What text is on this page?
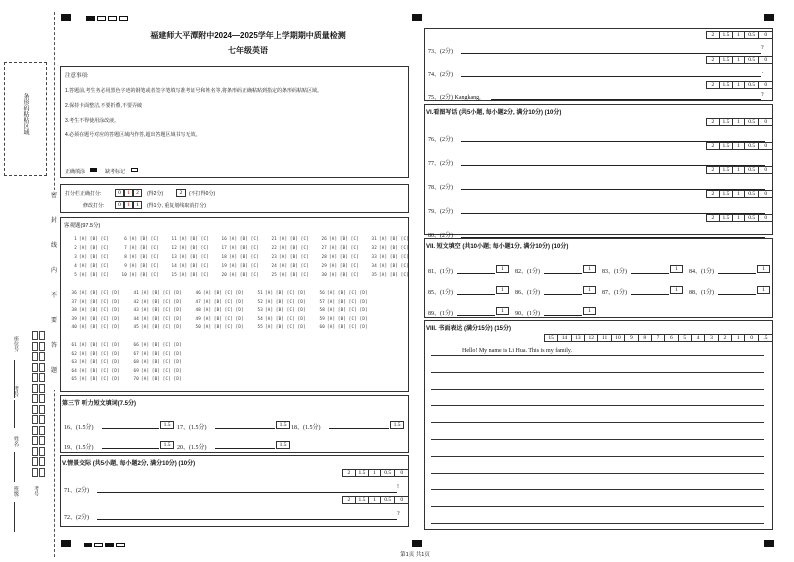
条形码粘贴区域
密
封
线
内
不
要
答
题
座位号:
考号:
姓名:
班级:	考号
福建师大平潭附中2024—2025学年上学期期中质量检测
七年级英语
注意事项:
1.答题前,考生务必用黑色字迹的钢笔或者签字笔填写准考证号和姓名等,将条形码正确粘贴到指定的条形码粘贴区域。
2.保持卡面整洁,不要折叠,不要弄破
3.考生不得使用涂改液。
4.必须在题号对应的答题区域内作答,超出答题区域书写无效。
正确填涂	缺考标记
打分栏正确打分:	0	1	2	(得2分)	2	(不打得0分)
修改打分:	0	1	1	(得1分, 重复划线取消打分)
客观题(97.5分)
1 [A] [B] [C]	6 [A] [B] [C]	11 [A] [B] [C]	16 [A] [B] [C]	21 [A] [B] [C]	26 [A] [B] [C]	31 [A] [B] [C]
2 [A] [B] [C]	7 [A] [B] [C]	12 [A] [B] [C]	17 [A] [B] [C]	22 [A] [B] [C]	27 [A] [B] [C]	32 [A] [B] [C]
3 [A] [B] [C]	8 [A] [B] [C]	13 [A] [B] [C]	18 [A] [B] [C]	23 [A] [B] [C]	28 [A] [B] [C]	33 [A] [B] [C]
4 [A] [B] [C]	9 [A] [B] [C]	14 [A] [B] [C]	19 [A] [B] [C]	24 [A] [B] [C]	29 [A] [B] [C]	34 [A] [B] [C]
5 [A] [B] [C]	10 [A] [B] [C]	15 [A] [B] [C]	20 [A] [B] [C]	25 [A] [B] [C]	30 [A] [B] [C]	35 [A] [B] [C]
36 [A] [B] [C] [D]	41 [A] [B] [C] [D]	46 [A] [B] [C] [D]	51 [A] [B] [C] [D]	56 [A] [B] [C] [D]
37 [A] [B] [C] [D]	42 [A] [B] [C] [D]	47 [A] [B] [C] [D]	52 [A] [B] [C] [D]	57 [A] [B] [C] [D]
38 [A] [B] [C] [D]	43 [A] [B] [C] [D]	48 [A] [B] [C] [D]	53 [A] [B] [C] [D]	58 [A] [B] [C] [D]
39 [A] [B] [C] [D]	44 [A] [B] [C] [D]	49 [A] [B] [C] [D]	54 [A] [B] [C] [D]	59 [A] [B] [C] [D]
40 [A] [B] [C] [D]	45 [A] [B] [C] [D]	50 [A] [B] [C] [D]	55 [A] [B] [C] [D]	60 [A] [B] [C] [D]
61 [A] [B] [C] [D]	66 [A] [B] [C] [D]
62 [A] [B] [C] [D]	67 [A] [B] [C] [D]
63 [A] [B] [C] [D]	68 [A] [B] [C] [D]
64 [A] [B] [C] [D]	69 [A] [B] [C] [D]
65 [A] [B] [C] [D]	70 [A] [B] [C] [D]
第三节 听力短文填词(7.5分)
16、(1.5分)	1.5	17、(1.5分)	1.5 18、(1.5分)	1.5
19、(1.5分)	1.5	20、(1.5分)	1.5
V.情景交际 (共5小题, 每小题2分, 满分10分) (10分)
2	1.5	1	0.5	0
71、(2分)
!
2	1.5	1	0.5	0
72、(2分)
?
2	1.5	1	0.5	0
73、(2分)
?
2	1.5	1	0.5	0
74、(2分)	.
2	1.5	1	0.5	0
75、(2分) Kangkang,	?
VI.看图写话 (共5小题, 每小题2分, 满分10分) (10分)
2	1.5	1	0.5	0
76、(2分)
2	1.5	1	0.5	0
77、(2分)
2	1.5	1	0.5	0
78、(2分)
2	1.5	1	0.5	0
79、(2分)
2	1.5	1	0.5	0
80、(2分)
VII. 短文填空 (共10小题; 每小题1分, 满分10分) (10分)
81、(1分)	1	82、(1分)	1	83、(1分)	1	84、(1分)	1
85、(1分)	1	86、(1分)	1	87、(1分)	1	88、(1分)	1
89、(1分)	1	90、(1分)	1
VIII. 书面表达 (满分15分) (15分)
15	14	13	12	11	10	9	8	7	6	5	4	3	2	1	0	.5
Hello! My name is Li Hua. This is my family.
第1页 共1页
